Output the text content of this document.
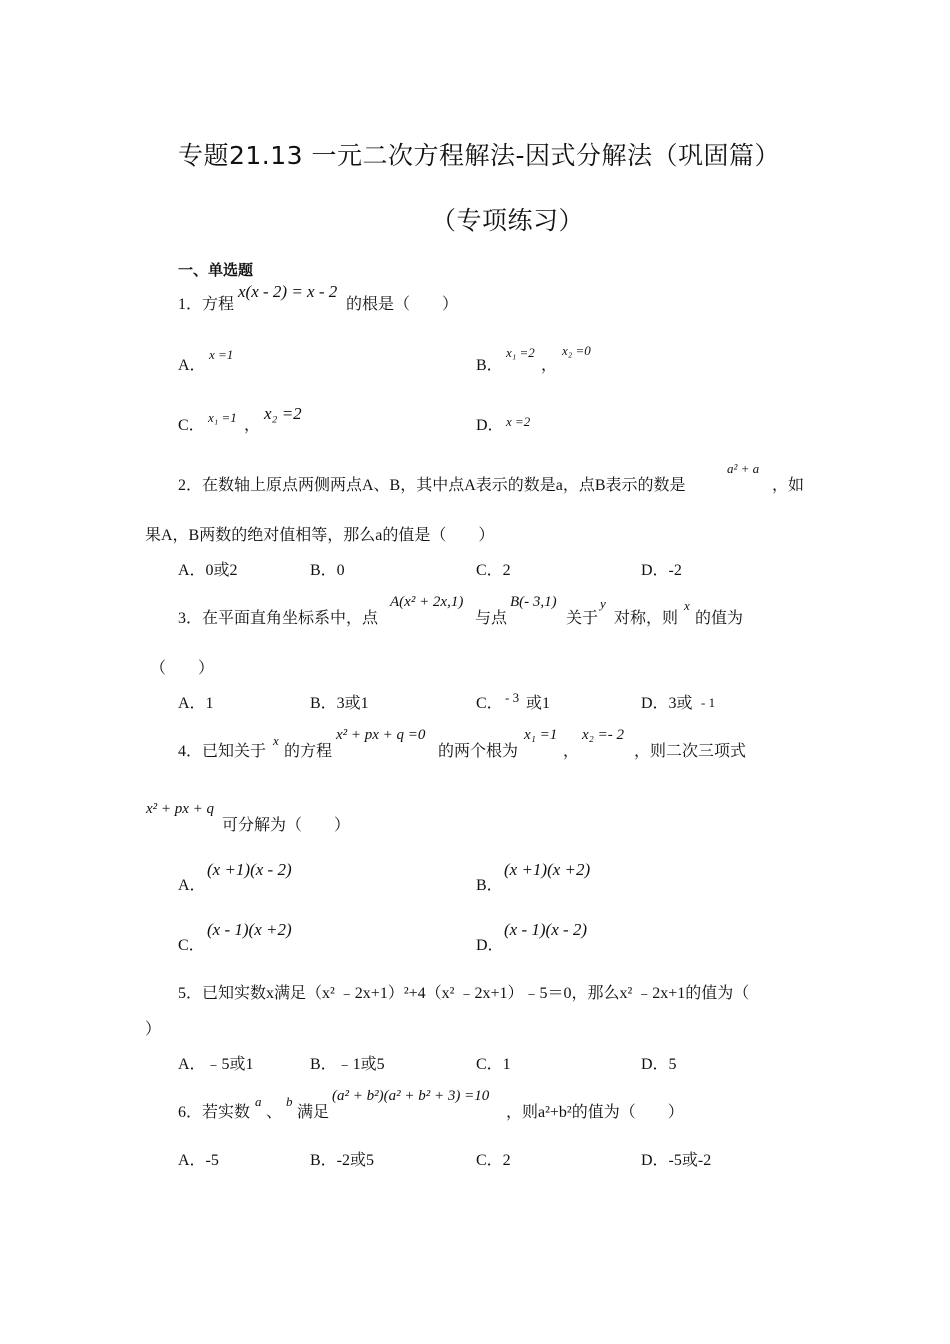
专题21.13 一元二次方程解法-因式分解法（巩固篇）
（专项练习）
一、单选题
1．方程
x(x - 2) = x - 2
的根是（　　）
A．
x =1
B．
x₁ =2
，
x₂ =0
C． x₁ =1 ，
x₂ =2
D． x =2
2．在数轴上原点两侧两点A、B，其中点A表示的数是a，点B表示的数是
a² + a
，如
果A，B两数的绝对值相等，那么a的值是（　　）
A．0或2	B．0	C．2	D．-2
3．在平面直角坐标系中，点
A(x² + 2x,1)
与点
B(- 3,1)
关于
y
对称，则
x
的值为
（　　）
A．1	B．3或1	C． - 3 或1	D．3或 - 1
4．已知关于
x
的方程
x² + px + q =0
的两个根为
x₁ =1
，
x₂ =- 2
，则二次三项式
x² + px + q
可分解为（　　）
A．
(x +1)(x - 2)
B．
(x +1)(x +2)
C．
(x - 1)(x +2)
D．
(x - 1)(x - 2)
5．已知实数x满足（x² ﹣2x+1）²+4（x² ﹣2x+1）﹣5＝0，那么x² ﹣2x+1的值为（
）
A．﹣5或1	B．﹣1或5	C．1	D．5
6．若实数
a
、
b
满足
(a² + b²)(a² + b² + 3) =10
，则a²+b²的值为（　　）
A．-5	B．-2或5	C．2	D．-5或-2
